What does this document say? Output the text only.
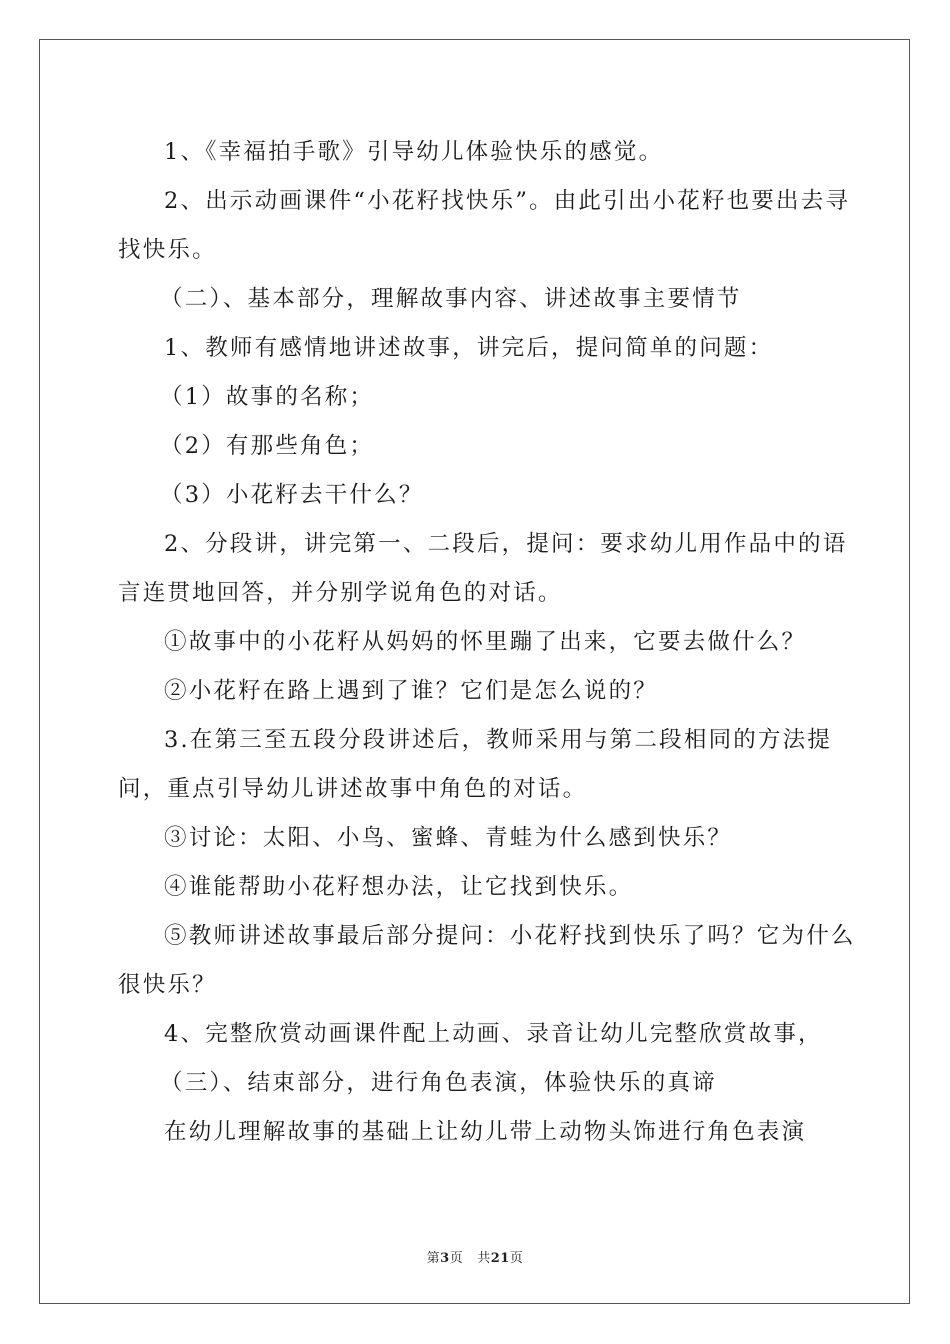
1、《幸福拍手歌》引导幼儿体验快乐的感觉。

2、出示动画课件“小花籽找快乐”。由此引出小花籽也要出去寻找快乐。

（二）、基本部分，理解故事内容、讲述故事主要情节

1、教师有感情地讲述故事，讲完后，提问简单的问题：

（1）故事的名称；

（2）有那些角色；

（3）小花籽去干什么？

2、分段讲，讲完第一、二段后，提问：要求幼儿用作品中的语言连贯地回答，并分别学说角色的对话。

①故事中的小花籽从妈妈的怀里蹦了出来，它要去做什么？

②小花籽在路上遇到了谁？它们是怎么说的？

3.在第三至五段分段讲述后，教师采用与第二段相同的方法提问，重点引导幼儿讲述故事中角色的对话。

③讨论：太阳、小鸟、蜜蜂、青蛙为什么感到快乐？

④谁能帮助小花籽想办法，让它找到快乐。

⑤教师讲述故事最后部分提问：小花籽找到快乐了吗？它为什么很快乐？

4、完整欣赏动画课件配上动画、录音让幼儿完整欣赏故事，

（三）、结束部分，进行角色表演，体验快乐的真谛

在幼儿理解故事的基础上让幼儿带上动物头饰进行角色表演

第3页 共21页
